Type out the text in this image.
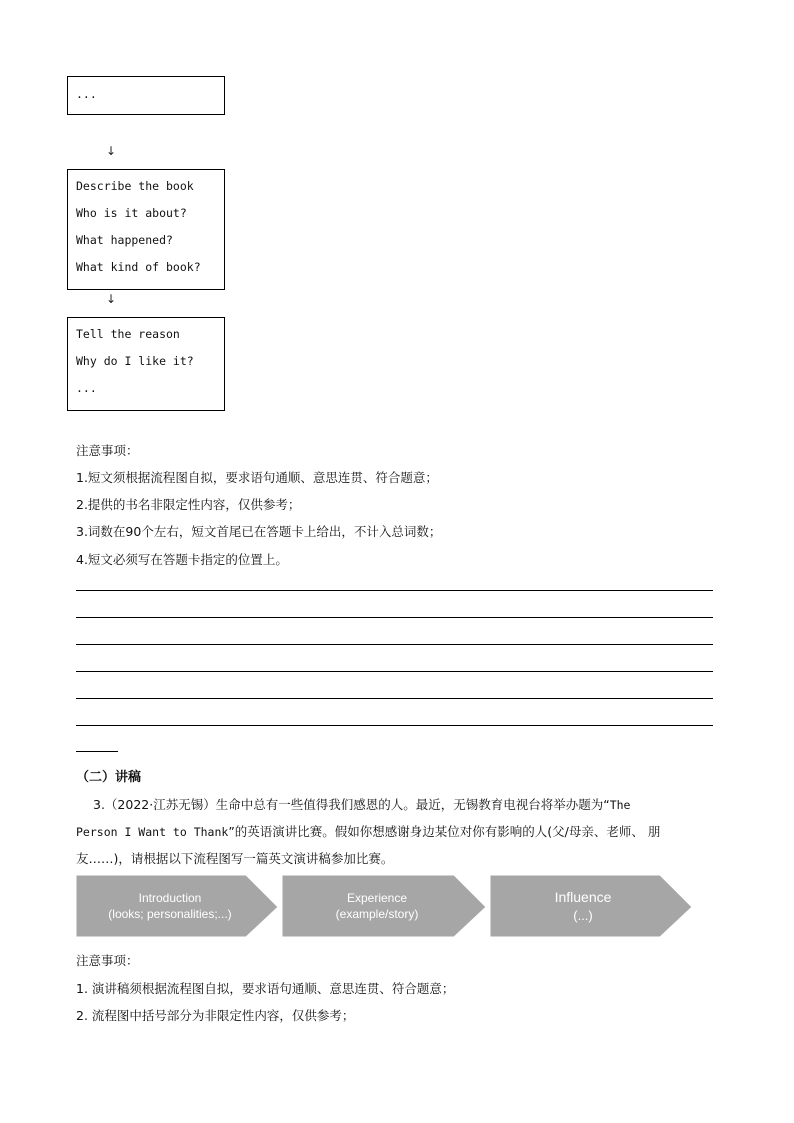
...
↓
Describe the book
Who is it about?
What happened?
What kind of book?
↓
Tell the reason
Why do I like it?
...
注意事项：
1.短文须根据流程图自拟，要求语句通顺、意思连贯、符合题意；
2.提供的书名非限定性内容，仅供参考；
3.词数在90个左右，短文首尾已在答题卡上给出，不计入总词数；
4.短文必须写在答题卡指定的位置上。
（二）讲稿
3.（2022·江苏无锡）生命中总有一些值得我们感恩的人。最近，无锡教育电视台将举办题为“The
Person I Want to Thank”的英语演讲比赛。假如你想感谢身边某位对你有影响的人(父/母亲、老师、 朋
友……)，请根据以下流程图写一篇英文演讲稿参加比赛。
Introduction
(looks; personalities;...)
Experience
(example/story)
Influence
(...)
注意事项：
1. 演讲稿须根据流程图自拟，要求语句通顺、意思连贯、符合题意；
2. 流程图中括号部分为非限定性内容，仅供参考；
